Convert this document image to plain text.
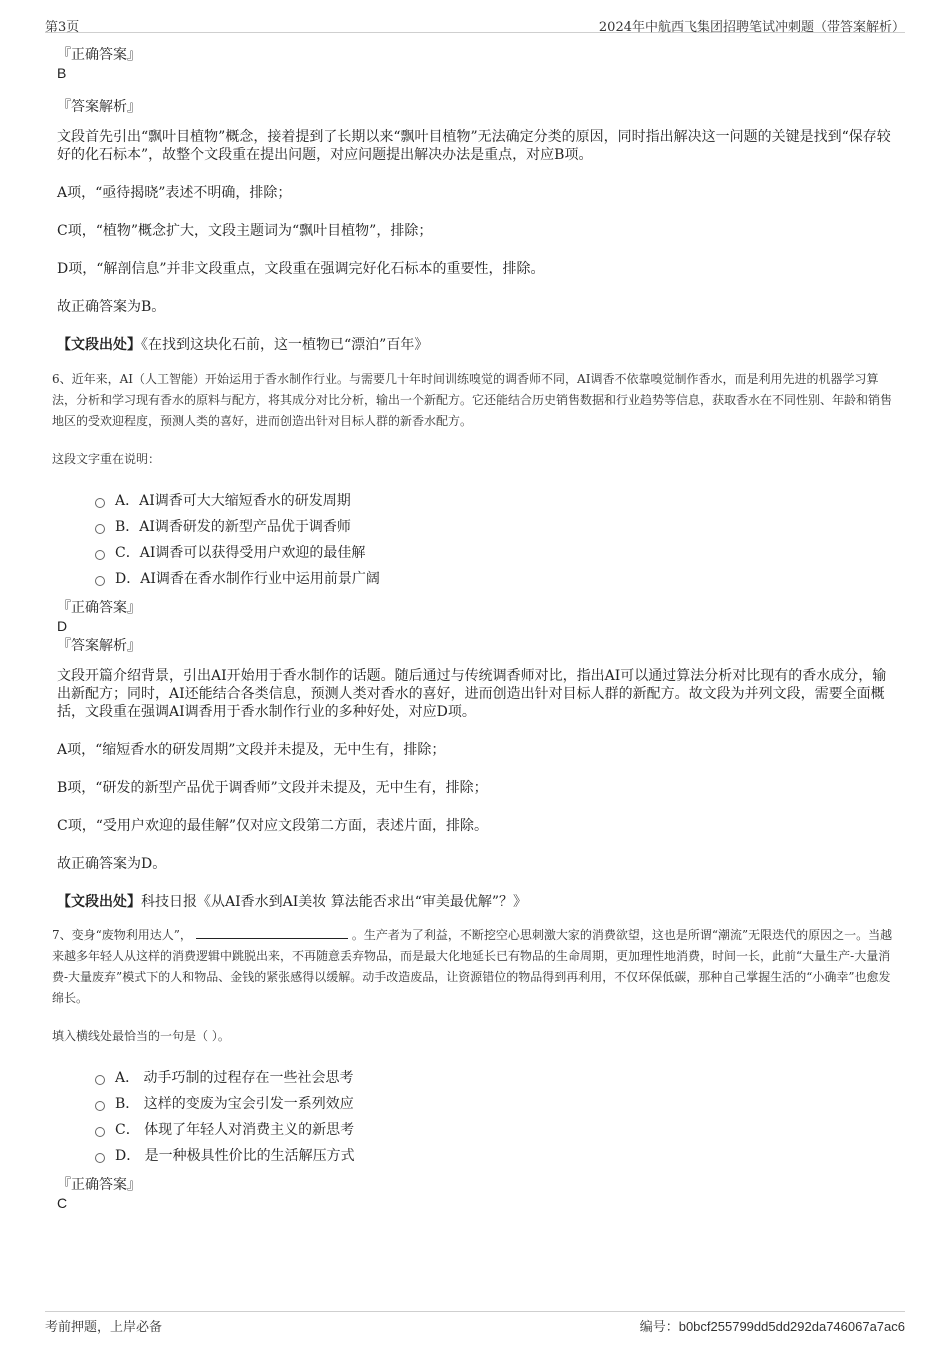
第3页	2024年中航西飞集团招聘笔试冲刺题（带答案解析）

『正确答案』

B

『答案解析』

文段首先引出“飘叶目植物”概念，接着提到了长期以来“飘叶目植物”无法确定分类的原因，同时指出解决这一问题的关键是找到“保存较好的化石标本”，故整个文段重在提出问题，对应问题提出解决办法是重点，对应B项。

A项，“亟待揭晓”表述不明确，排除；

C项，“植物”概念扩大，文段主题词为“飘叶目植物”，排除；

D项，“解剖信息”并非文段重点，文段重在强调完好化石标本的重要性，排除。

故正确答案为B。

【文段出处】《在找到这块化石前，这一植物已“漂泊”百年》

6、近年来，AI（人工智能）开始运用于香水制作行业。与需要几十年时间训练嗅觉的调香师不同，AI调香不依靠嗅觉制作香水，而是利用先进的机器学习算法，分析和学习现有香水的原料与配方，将其成分对比分析，输出一个新配方。它还能结合历史销售数据和行业趋势等信息，获取香水在不同性别、年龄和销售地区的受欢迎程度，预测人类的喜好，进而创造出针对目标人群的新香水配方。
这段文字重在说明：
A．AI调香可大大缩短香水的研发周期
B．AI调香研发的新型产品优于调香师
C．AI调香可以获得受用户欢迎的最佳解
D．AI调香在香水制作行业中运用前景广阔

『正确答案』

D

『答案解析』

文段开篇介绍背景，引出AI开始用于香水制作的话题。随后通过与传统调香师对比，指出AI可以通过算法分析对比现有的香水成分，输出新配方；同时，AI还能结合各类信息，预测人类对香水的喜好，进而创造出针对目标人群的新配方。故文段为并列文段，需要全面概括，文段重在强调AI调香用于香水制作行业的多种好处，对应D项。

A项，“缩短香水的研发周期”文段并未提及，无中生有，排除；

B项，“研发的新型产品优于调香师”文段并未提及，无中生有，排除；

C项，“受用户欢迎的最佳解”仅对应文段第二方面，表述片面，排除。

故正确答案为D。

【文段出处】科技日报《从AI香水到AI美妆 算法能否求出“审美最优解”？》

7、变身“废物利用达人”，	。生产者为了利益，不断挖空心思刺激大家的消费欲望，这也是所谓“潮流”无限迭代的原因之一。当越来越多年轻人从这样的消费逻辑中跳脱出来，不再随意丢弃物品，而是最大化地延长已有物品的生命周期，更加理性地消费，时间一长，此前“大量生产-大量消费-大量废弃”模式下的人和物品、金钱的紧张感得以缓解。动手改造废品，让资源错位的物品得到再利用，不仅环保低碳，那种自己掌握生活的“小确幸”也愈发绵长。
填入横线处最恰当的一句是（ ）。
A． 动手巧制的过程存在一些社会思考
B． 这样的变废为宝会引发一系列效应
C． 体现了年轻人对消费主义的新思考
D． 是一种极具性价比的生活解压方式

『正确答案』

C

考前押题，上岸必备	编号：b0bcf255799dd5dd292da746067a7ac6
